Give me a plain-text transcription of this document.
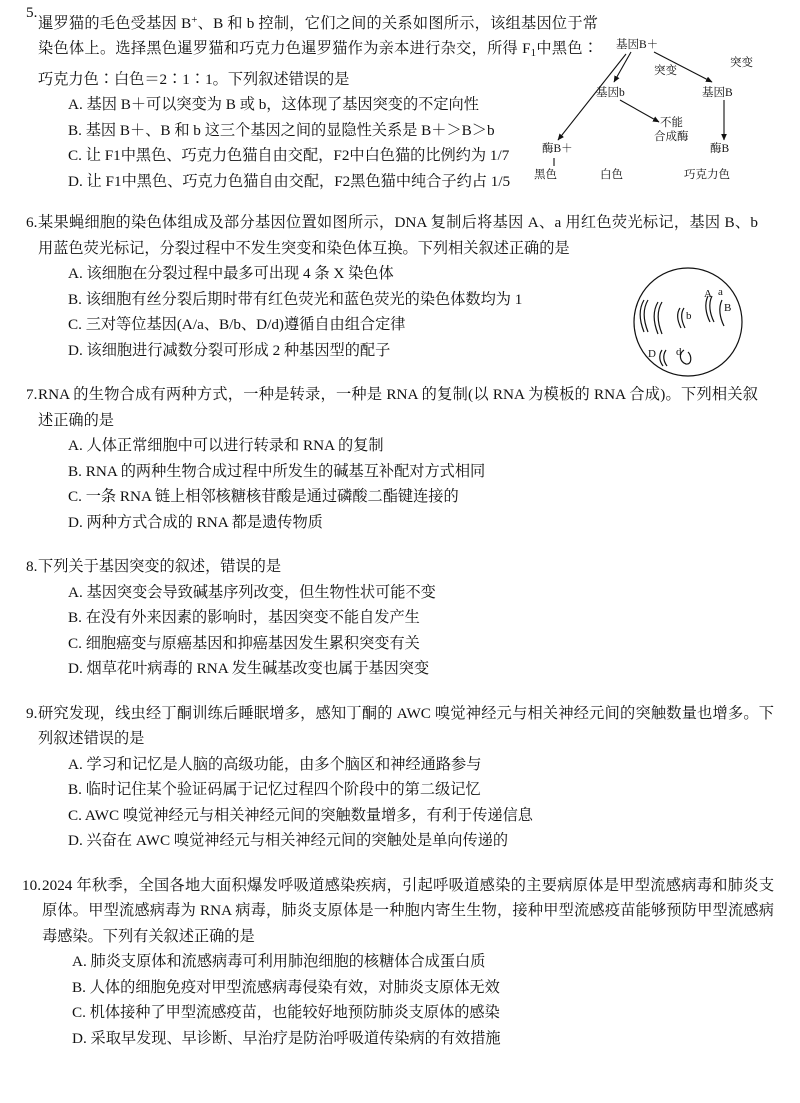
5.

暹罗猫的毛色受基因 B+、B 和 b 控制，它们之间的关系如图所示，该组基因位于常染色体上。选择黑色暹罗猫和巧克力色暹罗猫作为亲本进行杂交，所得 $F_1$中黑色∶巧克力色∶白色＝2∶1∶1。下列叙述错误的是

基因B＋
突变
突变
基因b	基因B
不能
合成酶
酶B＋	酶B
黑色	白色	巧克力色

A. 基因 B＋可以突变为 B 或 b，这体现了基因突变的不定向性

B. 基因 B＋、B 和 b 这三个基因之间的显隐性关系是 B＋＞B＞b

C. 让 F1中黑色、巧克力色猫自由交配，F2中白色猫的比例约为 1/7

D. 让 F1中黑色、巧克力色猫自由交配，F2黑色猫中纯合子约占 1/5

6. 某果蝇细胞的染色体组成及部分基因位置如图所示，DNA 复制后将基因 A、a 用红色荧光标记，基因 B、b 用蓝色荧光标记，分裂过程中不发生突变和染色体互换。下列相关叙述正确的是

A a
B
b
D d

A. 该细胞在分裂过程中最多可出现 4 条 X 染色体

B. 该细胞有丝分裂后期时带有红色荧光和蓝色荧光的染色体数均为 1

C. 三对等位基因(A/a、B/b、D/d)遵循自由组合定律

D. 该细胞进行减数分裂可形成 2 种基因型的配子

7. RNA 的生物合成有两种方式，一种是转录，一种是 RNA 的复制(以 RNA 为模板的 RNA 合成)。下列相关叙述正确的是

A. 人体正常细胞中可以进行转录和 RNA 的复制

B. RNA 的两种生物合成过程中所发生的碱基互补配对方式相同

C. 一条 RNA 链上相邻核糖核苷酸是通过磷酸二酯键连接的

D. 两种方式合成的 RNA 都是遗传物质

8. 下列关于基因突变的叙述，错误的是

A. 基因突变会导致碱基序列改变，但生物性状可能不变

B. 在没有外来因素的影响时，基因突变不能自发产生

C. 细胞癌变与原癌基因和抑癌基因发生累积突变有关

D. 烟草花叶病毒的 RNA 发生碱基改变也属于基因突变

9. 研究发现，线虫经丁酮训练后睡眠增多，感知丁酮的 AWC 嗅觉神经元与相关神经元间的突触数量也增多。下列叙述错误的是

A. 学习和记忆是人脑的高级功能，由多个脑区和神经通路参与

B. 临时记住某个验证码属于记忆过程四个阶段中的第二级记忆

C. AWC 嗅觉神经元与相关神经元间的突触数量增多，有利于传递信息

D. 兴奋在 AWC 嗅觉神经元与相关神经元间的突触处是单向传递的

10. 2024 年秋季，全国各地大面积爆发呼吸道感染疾病，引起呼吸道感染的主要病原体是甲型流感病毒和肺炎支原体。甲型流感病毒为 RNA 病毒，肺炎支原体是一种胞内寄生生物，接种甲型流感疫苗能够预防甲型流感病毒感染。下列有关叙述正确的是

A. 肺炎支原体和流感病毒可利用肺泡细胞的核糖体合成蛋白质

B. 人体的细胞免疫对甲型流感病毒侵染有效，对肺炎支原体无效

C. 机体接种了甲型流感疫苗，也能较好地预防肺炎支原体的感染

D. 采取早发现、早诊断、早治疗是防治呼吸道传染病的有效措施
